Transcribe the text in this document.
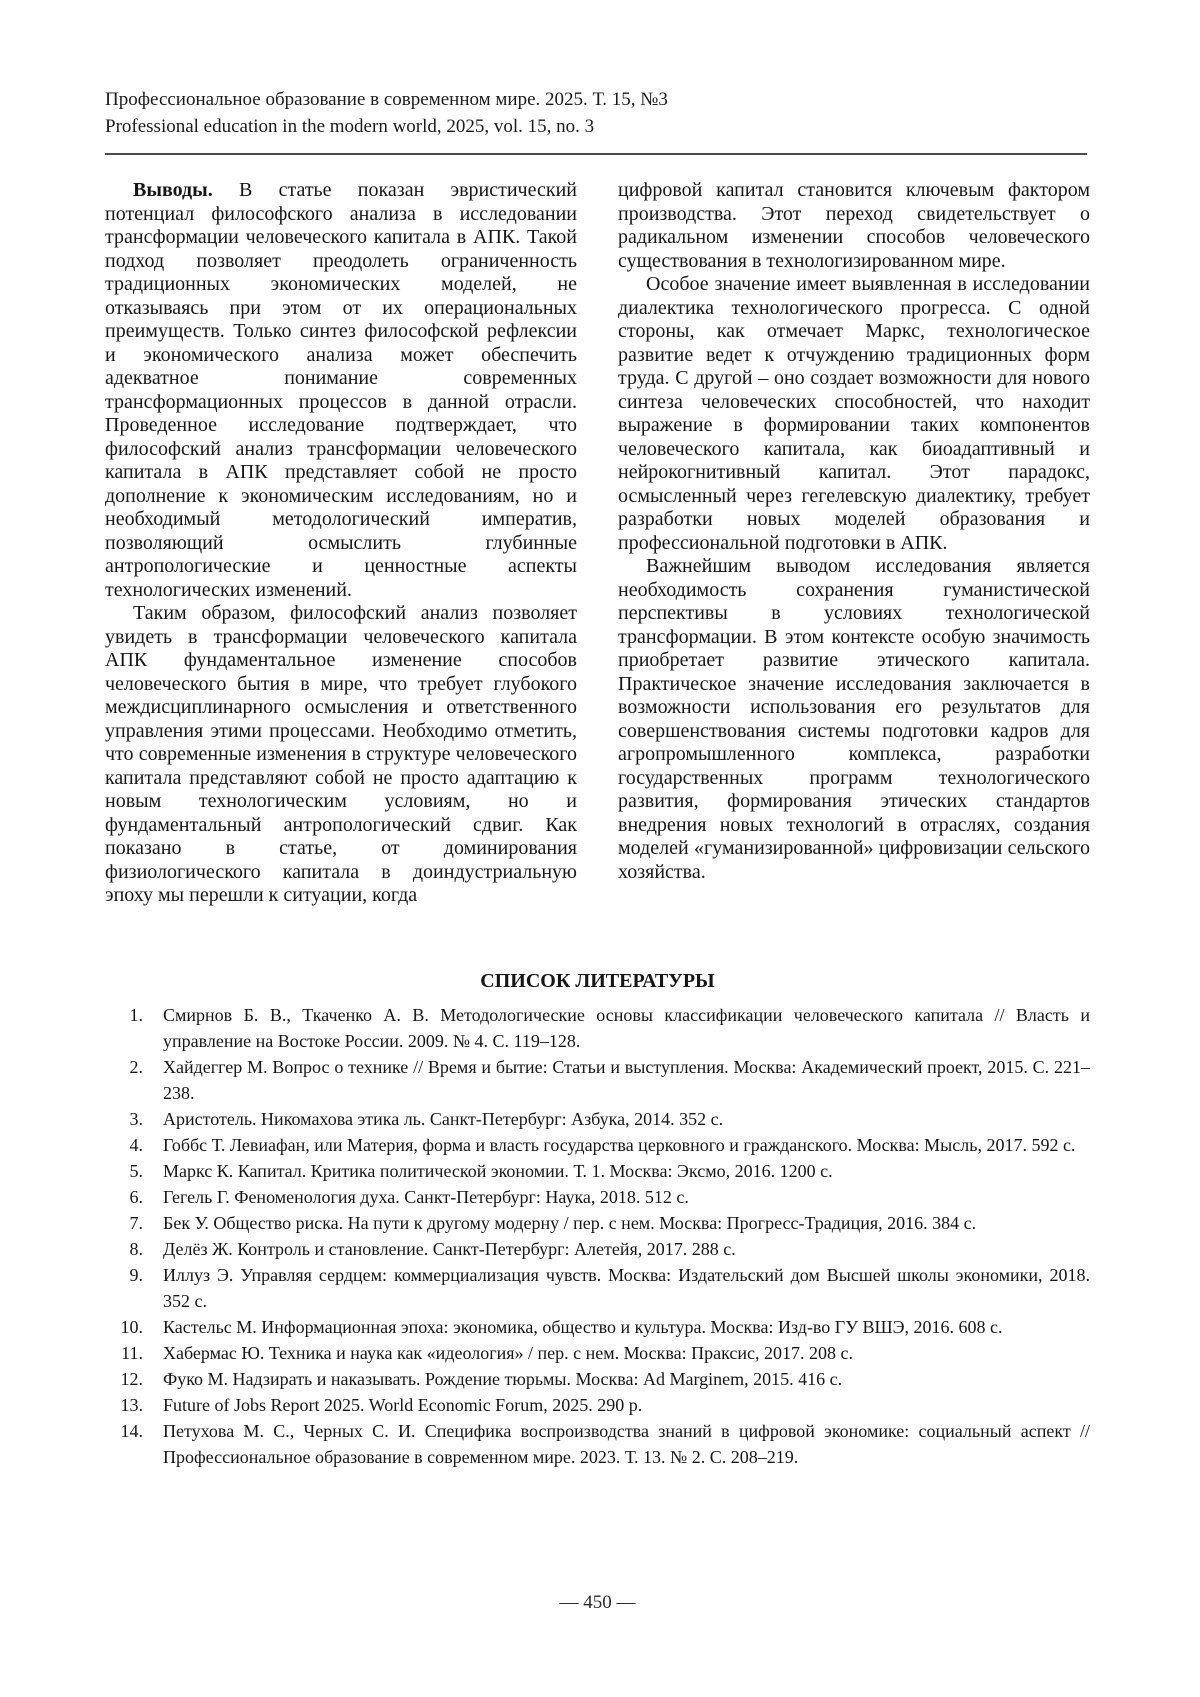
Профессиональное образование в современном мире. 2025. Т. 15, №3
Professional education in the modern world, 2025, vol. 15, no. 3

Выводы. В статье показан эвристический потенциал философского анализа в исследовании трансформации человеческого капитала в АПК. Такой подход позволяет преодолеть ограниченность традиционных экономических моделей, не отказываясь при этом от их операциональных преимуществ. Только синтез философской рефлексии и экономического анализа может обеспечить адекватное понимание современных трансформационных процессов в данной отрасли. Проведенное исследование подтверждает, что философский анализ трансформации человеческого капитала в АПК представляет собой не просто дополнение к экономическим исследованиям, но и необходимый методологический императив, позволяющий осмыслить глубинные антропологические и ценностные аспекты технологических изменений.

Таким образом, философский анализ позволяет увидеть в трансформации человеческого капитала АПК фундаментальное изменение способов человеческого бытия в мире, что требует глубокого междисциплинарного осмысления и ответственного управления этими процессами. Необходимо отметить, что современные изменения в структуре человеческого капитала представляют собой не просто адаптацию к новым технологическим условиям, но и фундаментальный антропологический сдвиг. Как показано в статье, от доминирования физиологического капитала в доиндустриальную эпоху мы перешли к ситуации, когда

цифровой капитал становится ключевым фактором производства. Этот переход свидетельствует о радикальном изменении способов человеческого существования в технологизированном мире.

Особое значение имеет выявленная в исследовании диалектика технологического прогресса. С одной стороны, как отмечает Маркс, технологическое развитие ведет к отчуждению традиционных форм труда. С другой – оно создает возможности для нового синтеза человеческих способностей, что находит выражение в формировании таких компонентов человеческого капитала, как биоадаптивный и нейрокогнитивный капитал. Этот парадокс, осмысленный через гегелевскую диалектику, требует разработки новых моделей образования и профессиональной подготовки в АПК.

Важнейшим выводом исследования является необходимость сохранения гуманистической перспективы в условиях технологической трансформации. В этом контексте особую значимость приобретает развитие этического капитала. Практическое значение исследования заключается в возможности использования его результатов для совершенствования системы подготовки кадров для агропромышленного комплекса, разработки государственных программ технологического развития, формирования этических стандартов внедрения новых технологий в отраслях, создания моделей «гуманизированной» цифровизации сельского хозяйства.

СПИСОК ЛИТЕРАТУРЫ
1.	Смирнов Б. В., Ткаченко А. В. Методологические основы классификации человеческого капитала // Власть и управление на Востоке России. 2009. № 4. С. 119–128.
2.	Хайдеггер М. Вопрос о технике // Время и бытие: Статьи и выступления. Москва: Академический проект, 2015. С. 221–238.
3.	Аристотель. Никомахова этика ль. Санкт-Петербург: Азбука, 2014. 352 с.
4.	Гоббс Т. Левиафан, или Материя, форма и власть государства церковного и гражданского. Москва: Мысль, 2017. 592 с.
5.	Маркс К. Капитал. Критика политической экономии. Т. 1. Москва: Эксмо, 2016. 1200 с.
6.	Гегель Г. Феноменология духа. Санкт-Петербург: Наука, 2018. 512 с.
7.	Бек У. Общество риска. На пути к другому модерну / пер. с нем. Москва: Прогресс-Традиция, 2016. 384 с.
8.	Делёз Ж. Контроль и становление. Санкт-Петербург: Алетейя, 2017. 288 с.
9.	Иллуз Э. Управляя сердцем: коммерциализация чувств. Москва: Издательский дом Высшей школы экономики, 2018. 352 с.
10.	Кастельс М. Информационная эпоха: экономика, общество и культура. Москва: Изд-во ГУ ВШЭ, 2016. 608 с.
11.	Хабермас Ю. Техника и наука как «идеология» / пер. с нем. Москва: Праксис, 2017. 208 с.
12.	Фуко М. Надзирать и наказывать. Рождение тюрьмы. Москва: Ad Marginem, 2015. 416 с.
13.	Future of Jobs Report 2025. World Economic Forum, 2025. 290 p.
14.	Петухова М. С., Черных С. И. Специфика воспроизводства знаний в цифровой экономике: социальный аспект // Профессиональное образование в современном мире. 2023. Т. 13. № 2. С. 208–219.
— 450 —
